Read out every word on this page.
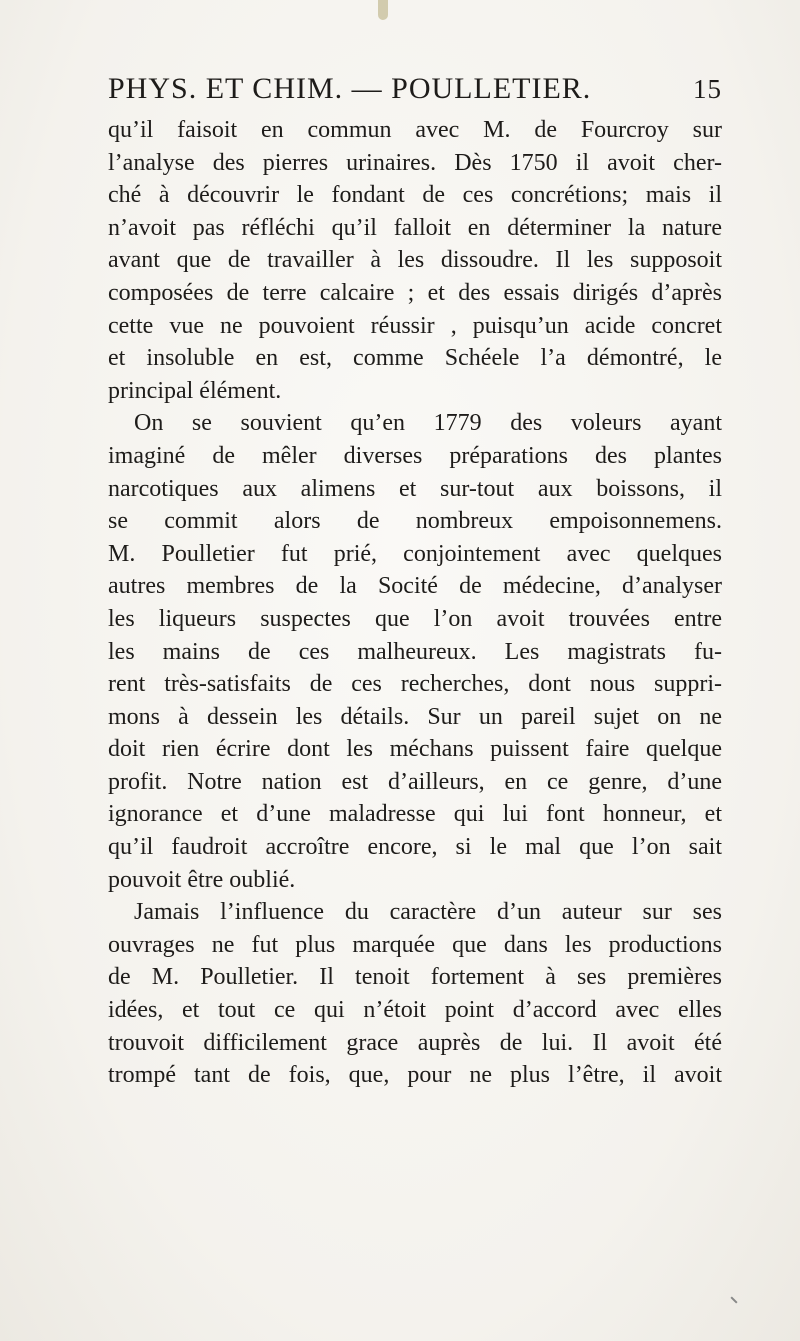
PHYS. ET CHIM. — POULLETIER.	15
qu’il faisoit en commun avec M. de Fourcroy sur
l’analyse des pierres urinaires. Dès 1750 il avoit cher-
ché à découvrir le fondant de ces concrétions; mais il
n’avoit pas réfléchi qu’il falloit en déterminer la nature
avant que de travailler à les dissoudre. Il les supposoit
composées de terre calcaire ; et des essais dirigés d’après
cette vue ne pouvoient réussir , puisqu’un acide concret
et insoluble en est, comme Schéele l’a démontré, le
principal élément.
On se souvient qu’en 1779 des voleurs ayant
imaginé de mêler diverses préparations des plantes
narcotiques aux alimens et sur-tout aux boissons, il
se commit alors de nombreux empoisonnemens.
M. Poulletier fut prié, conjointement avec quelques
autres membres de la Socité de médecine, d’analyser
les liqueurs suspectes que l’on avoit trouvées entre
les mains de ces malheureux. Les magistrats fu-
rent très-satisfaits de ces recherches, dont nous suppri-
mons à dessein les détails. Sur un pareil sujet on ne
doit rien écrire dont les méchans puissent faire quelque
profit. Notre nation est d’ailleurs, en ce genre, d’une
ignorance et d’une maladresse qui lui font honneur, et
qu’il faudroit accroître encore, si le mal que l’on sait
pouvoit être oublié.
Jamais l’influence du caractère d’un auteur sur ses
ouvrages ne fut plus marquée que dans les productions
de M. Poulletier. Il tenoit fortement à ses premières
idées, et tout ce qui n’étoit point d’accord avec elles
trouvoit difficilement grace auprès de lui. Il avoit été
trompé tant de fois, que, pour ne plus l’être, il avoit
